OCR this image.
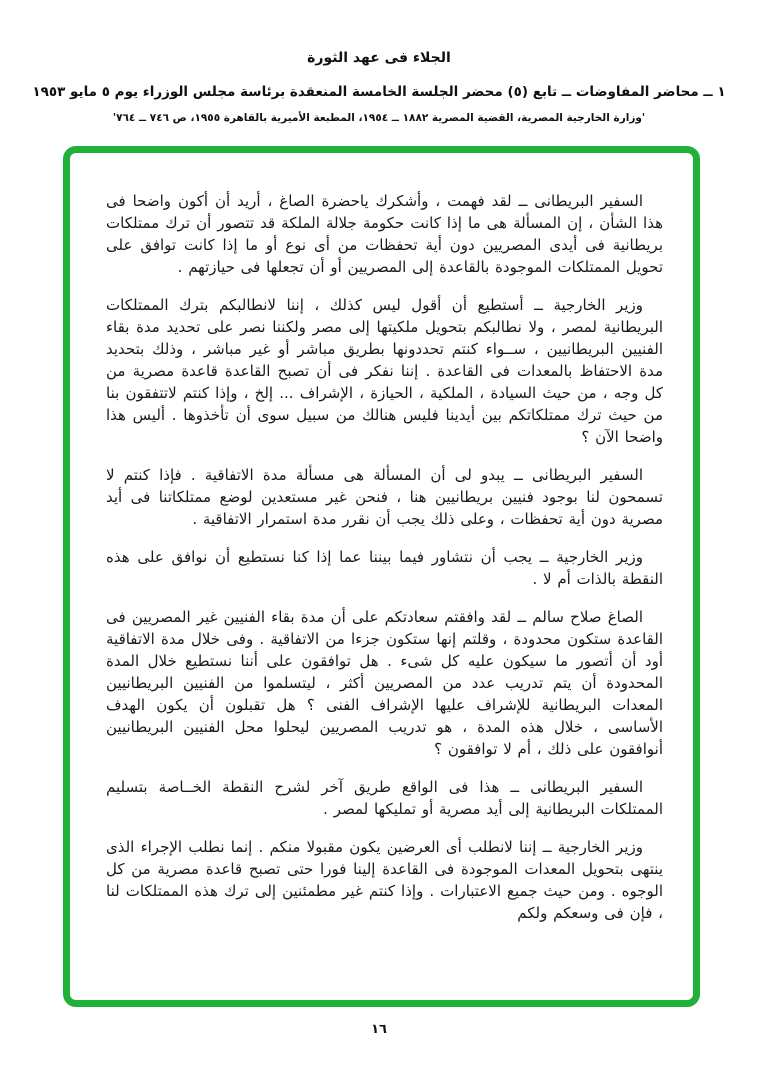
الجلاء فى عهد الثورة
١ ــ محاضر المفاوضات ــ تابع (٥) محضر الجلسة الخامسة المنعقدة برئاسة مجلس الوزراء يوم ٥ مايو ١٩٥٣
'وزارة الخارجية المصرية، القضية المصرية ١٨٨٢ ــ ١٩٥٤، المطبعة الأميرية بالقاهرة ١٩٥٥، ص ٧٤٦ ــ ٧٦٤'

السفير البريطانى ــ لقد فهمت ، وأشكرك ياحضرة الصاغ ، أريد أن أكون واضحا فى هذا الشأن ، إن المسألة هى ما إذا كانت حكومة جلالة الملكة قد تتصور أن ترك ممتلكات بريطانية فى أيدى المصريين دون أية تحفظات من أى نوع أو ما إذا كانت توافق على تحويل الممتلكات الموجودة بالقاعدة إلى المصريين أو أن تجعلها فى حيازتهم .

وزير الخارجية ــ أستطيع أن أقول ليس كذلك ، إننا لانطالبكم بترك الممتلكات البريطانية لمصر ، ولا نطالبكم بتحويل ملكيتها إلى مصر ولكننا نصر على تحديد مدة بقاء الفنيين البريطانيين ، ســواء كنتم تحددونها بطريق مباشر أو غير مباشر ، وذلك بتحديد مدة الاحتفاظ بالمعدات فى القاعدة . إننا نفكر فى أن تصبح القاعدة قاعدة مصرية من كل وجه ، من حيث السيادة ، الملكية ، الحيازة ، الإشراف ... إلخ ، وإذا كنتم لاتتفقون بنا من حيث ترك ممتلكاتكم بين أيدينا فليس هنالك من سبيل سوى أن تأخذوها . أليس هذا واضحا الآن ؟

السفير البريطانى ــ يبدو لى أن المسألة هى مسألة مدة الاتفاقية . فإذا كنتم لا تسمحون لنا بوجود فنيين بريطانيين هنا ، فنحن غير مستعدين لوضع ممتلكاتنا فى أيد مصرية دون أية تحفظات ، وعلى ذلك يجب أن نقرر مدة استمرار الاتفاقية .

وزير الخارجية ــ يجب أن نتشاور فيما بيننا عما إذا كنا نستطيع أن نوافق على هذه النقطة بالذات أم لا .

الصاغ صلاح سالم ــ لقد وافقتم سعادتكم على أن مدة بقاء الفنيين غير المصريين فى القاعدة ستكون محدودة ، وقلتم إنها ستكون جزءا من الاتفاقية . وفى خلال مدة الاتفاقية أود أن أتصور ما سيكون عليه كل شىء . هل توافقون على أننا نستطيع خلال المدة المحدودة أن يتم تدريب عدد من المصريين أكثر ، ليتسلموا من الفنيين البريطانيين المعدات البريطانية للإشراف عليها الإشراف الفنى ؟ هل تقبلون أن يكون الهدف الأساسى ، خلال هذه المدة ، هو تدريب المصريين ليحلوا محل الفنيين البريطانيين أنوافقون على ذلك ، أم لا توافقون ؟

السفير البريطانى ــ هذا فى الواقع طريق آخر لشرح النقطة الخــاصة بتسليم الممتلكات البريطانية إلى أيد مصرية أو تمليكها لمصر .

وزير الخارجية ــ إننا لانطلب أى العرضين يكون مقبولا منكم . إنما نطلب الإجراء الذى ينتهى بتحويل المعدات الموجودة فى القاعدة إلينا فورا حتى تصبح قاعدة مصرية من كل الوجوه . ومن حيث جميع الاعتبارات . وإذا كنتم غير مطمئنين إلى ترك هذه الممتلكات لنا ، فإن فى وسعكم ولكم

١٦
